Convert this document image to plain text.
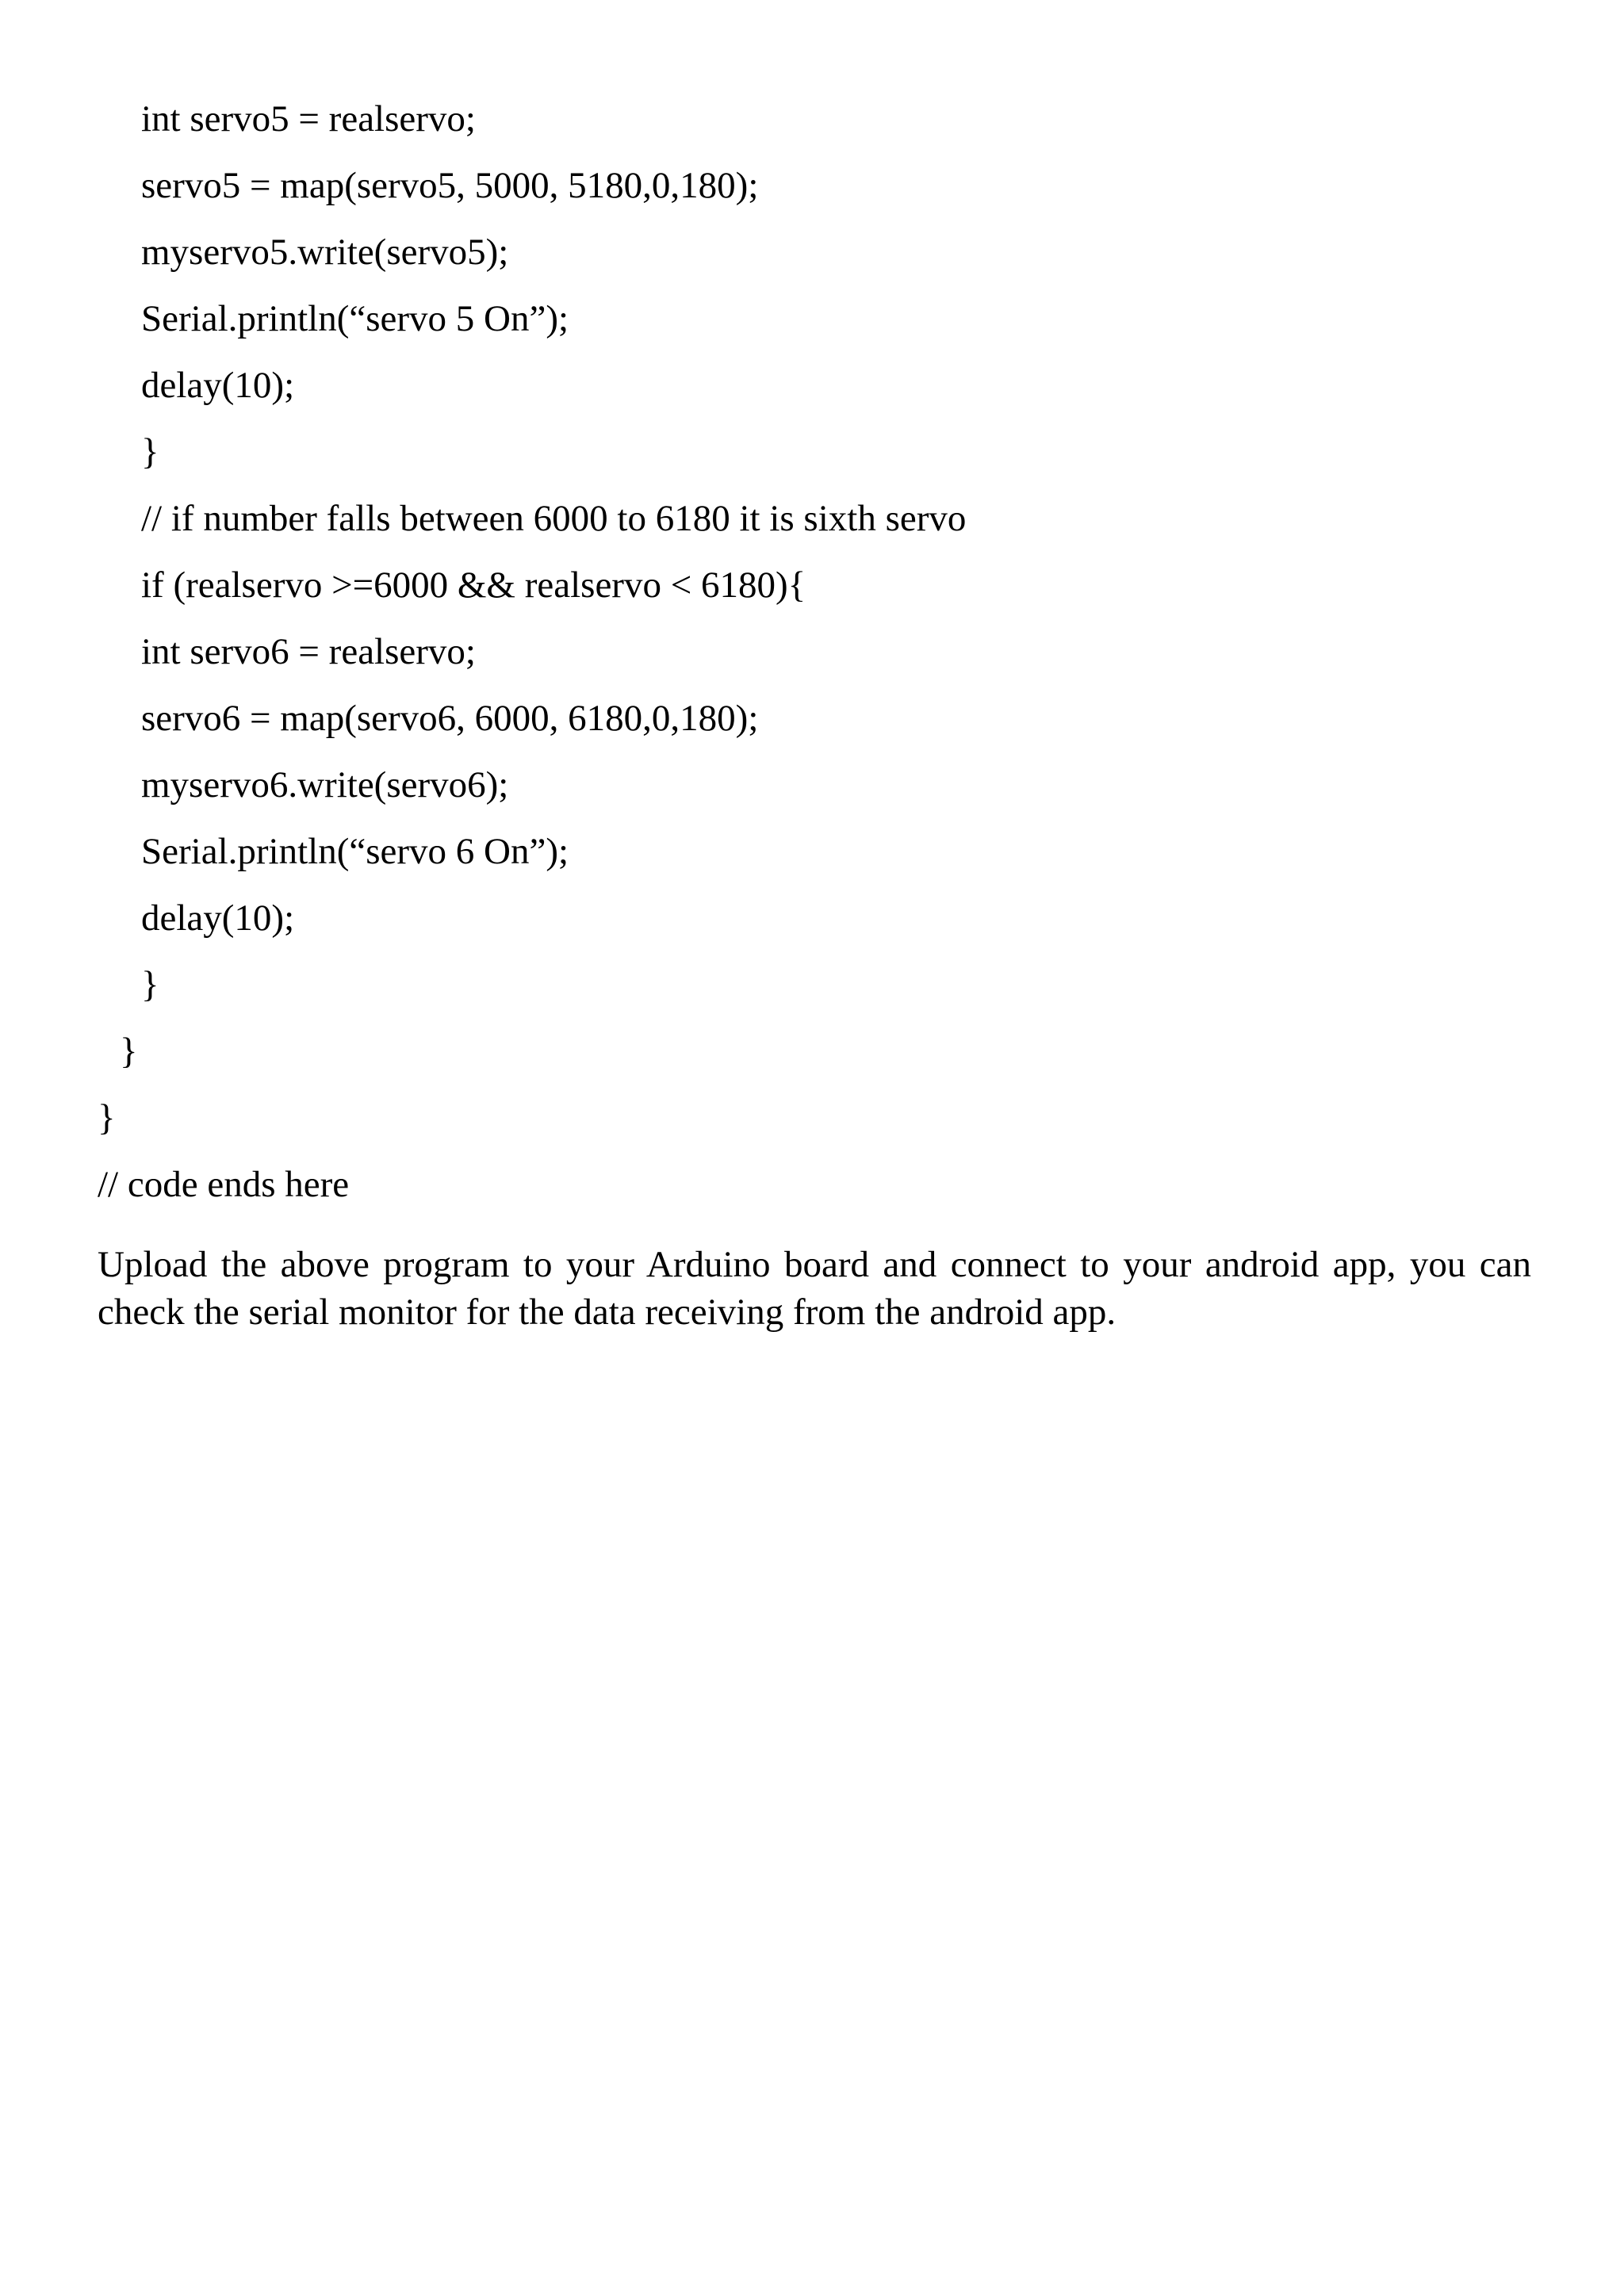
int servo5 = realservo;
servo5 = map(servo5, 5000, 5180,0,180);
myservo5.write(servo5);
Serial.println(“servo 5 On”);
delay(10);
}
// if number falls between 6000 to 6180 it is sixth servo
if (realservo >=6000 && realservo < 6180){
int servo6 = realservo;
servo6 = map(servo6, 6000, 6180,0,180);
myservo6.write(servo6);
Serial.println(“servo 6 On”);
delay(10);
}
}
}
// code ends here

Upload the above program to your Arduino board and connect to your android app, you can check the serial monitor for the data receiving from the android app.
